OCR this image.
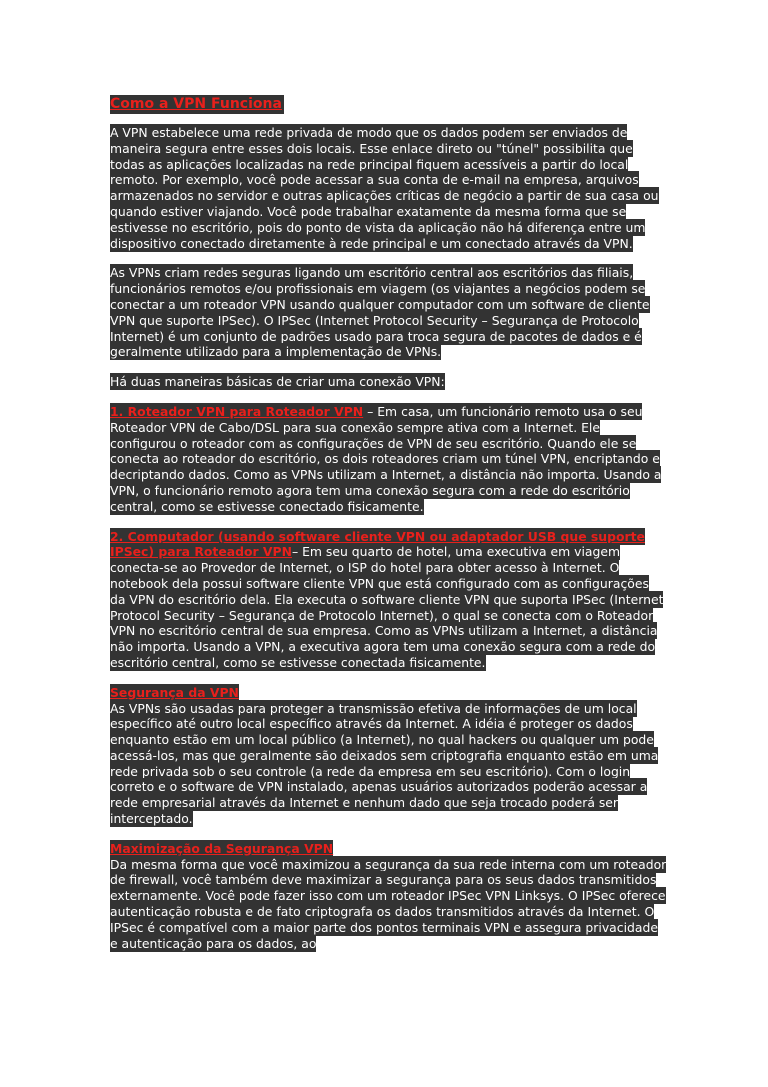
Como a VPN Funciona

A VPN estabelece uma rede privada de modo que os dados podem ser enviados de maneira segura entre esses dois locais. Esse enlace direto ou "túnel" possibilita que todas as aplicações localizadas na rede principal fiquem acessíveis a partir do local remoto. Por exemplo, você pode acessar a sua conta de e-mail na empresa, arquivos armazenados no servidor e outras aplicações críticas de negócio a partir de sua casa ou quando estiver viajando. Você pode trabalhar exatamente da mesma forma que se estivesse no escritório, pois do ponto de vista da aplicação não há diferença entre um dispositivo conectado diretamente à rede principal e um conectado através da VPN.

As VPNs criam redes seguras ligando um escritório central aos escritórios das filiais, funcionários remotos e/ou profissionais em viagem (os viajantes a negócios podem se conectar a um roteador VPN usando qualquer computador com um software de cliente VPN que suporte IPSec). O IPSec (Internet Protocol Security – Segurança de Protocolo Internet) é um conjunto de padrões usado para troca segura de pacotes de dados e é geralmente utilizado para a implementação de VPNs.

Há duas maneiras básicas de criar uma conexão VPN:

1. Roteador VPN para Roteador VPN – Em casa, um funcionário remoto usa o seu Roteador VPN de Cabo/DSL para sua conexão sempre ativa com a Internet. Ele configurou o roteador com as configurações de VPN de seu escritório. Quando ele se conecta ao roteador do escritório, os dois roteadores criam um túnel VPN, encriptando e decriptando dados. Como as VPNs utilizam a Internet, a distância não importa. Usando a VPN, o funcionário remoto agora tem uma conexão segura com a rede do escritório central, como se estivesse conectado fisicamente.

2. Computador (usando software cliente VPN ou adaptador USB que suporte IPSec) para Roteador VPN– Em seu quarto de hotel, uma executiva em viagem conecta-se ao Provedor de Internet, o ISP do hotel para obter acesso à Internet. O notebook dela possui software cliente VPN que está configurado com as configurações da VPN do escritório dela. Ela executa o software cliente VPN que suporta IPSec (Internet Protocol Security – Segurança de Protocolo Internet), o qual se conecta com o Roteador VPN no escritório central de sua empresa. Como as VPNs utilizam a Internet, a distância não importa. Usando a VPN, a executiva agora tem uma conexão segura com a rede do escritório central, como se estivesse conectada fisicamente.

Segurança da VPN

As VPNs são usadas para proteger a transmissão efetiva de informações de um local específico até outro local específico através da Internet. A idéia é proteger os dados enquanto estão em um local público (a Internet), no qual hackers ou qualquer um pode acessá-los, mas que geralmente são deixados sem criptografia enquanto estão em uma rede privada sob o seu controle (a rede da empresa em seu escritório). Com o login correto e o software de VPN instalado, apenas usuários autorizados poderão acessar a rede empresarial através da Internet e nenhum dado que seja trocado poderá ser interceptado.

Maximização da Segurança VPN

Da mesma forma que você maximizou a segurança da sua rede interna com um roteador de firewall, você também deve maximizar a segurança para os seus dados transmitidos externamente. Você pode fazer isso com um roteador IPSec VPN Linksys. O IPSec oferece autenticação robusta e de fato criptografa os dados transmitidos através da Internet. O IPSec é compatível com a maior parte dos pontos terminais VPN e assegura privacidade e autenticação para os dados, ao
